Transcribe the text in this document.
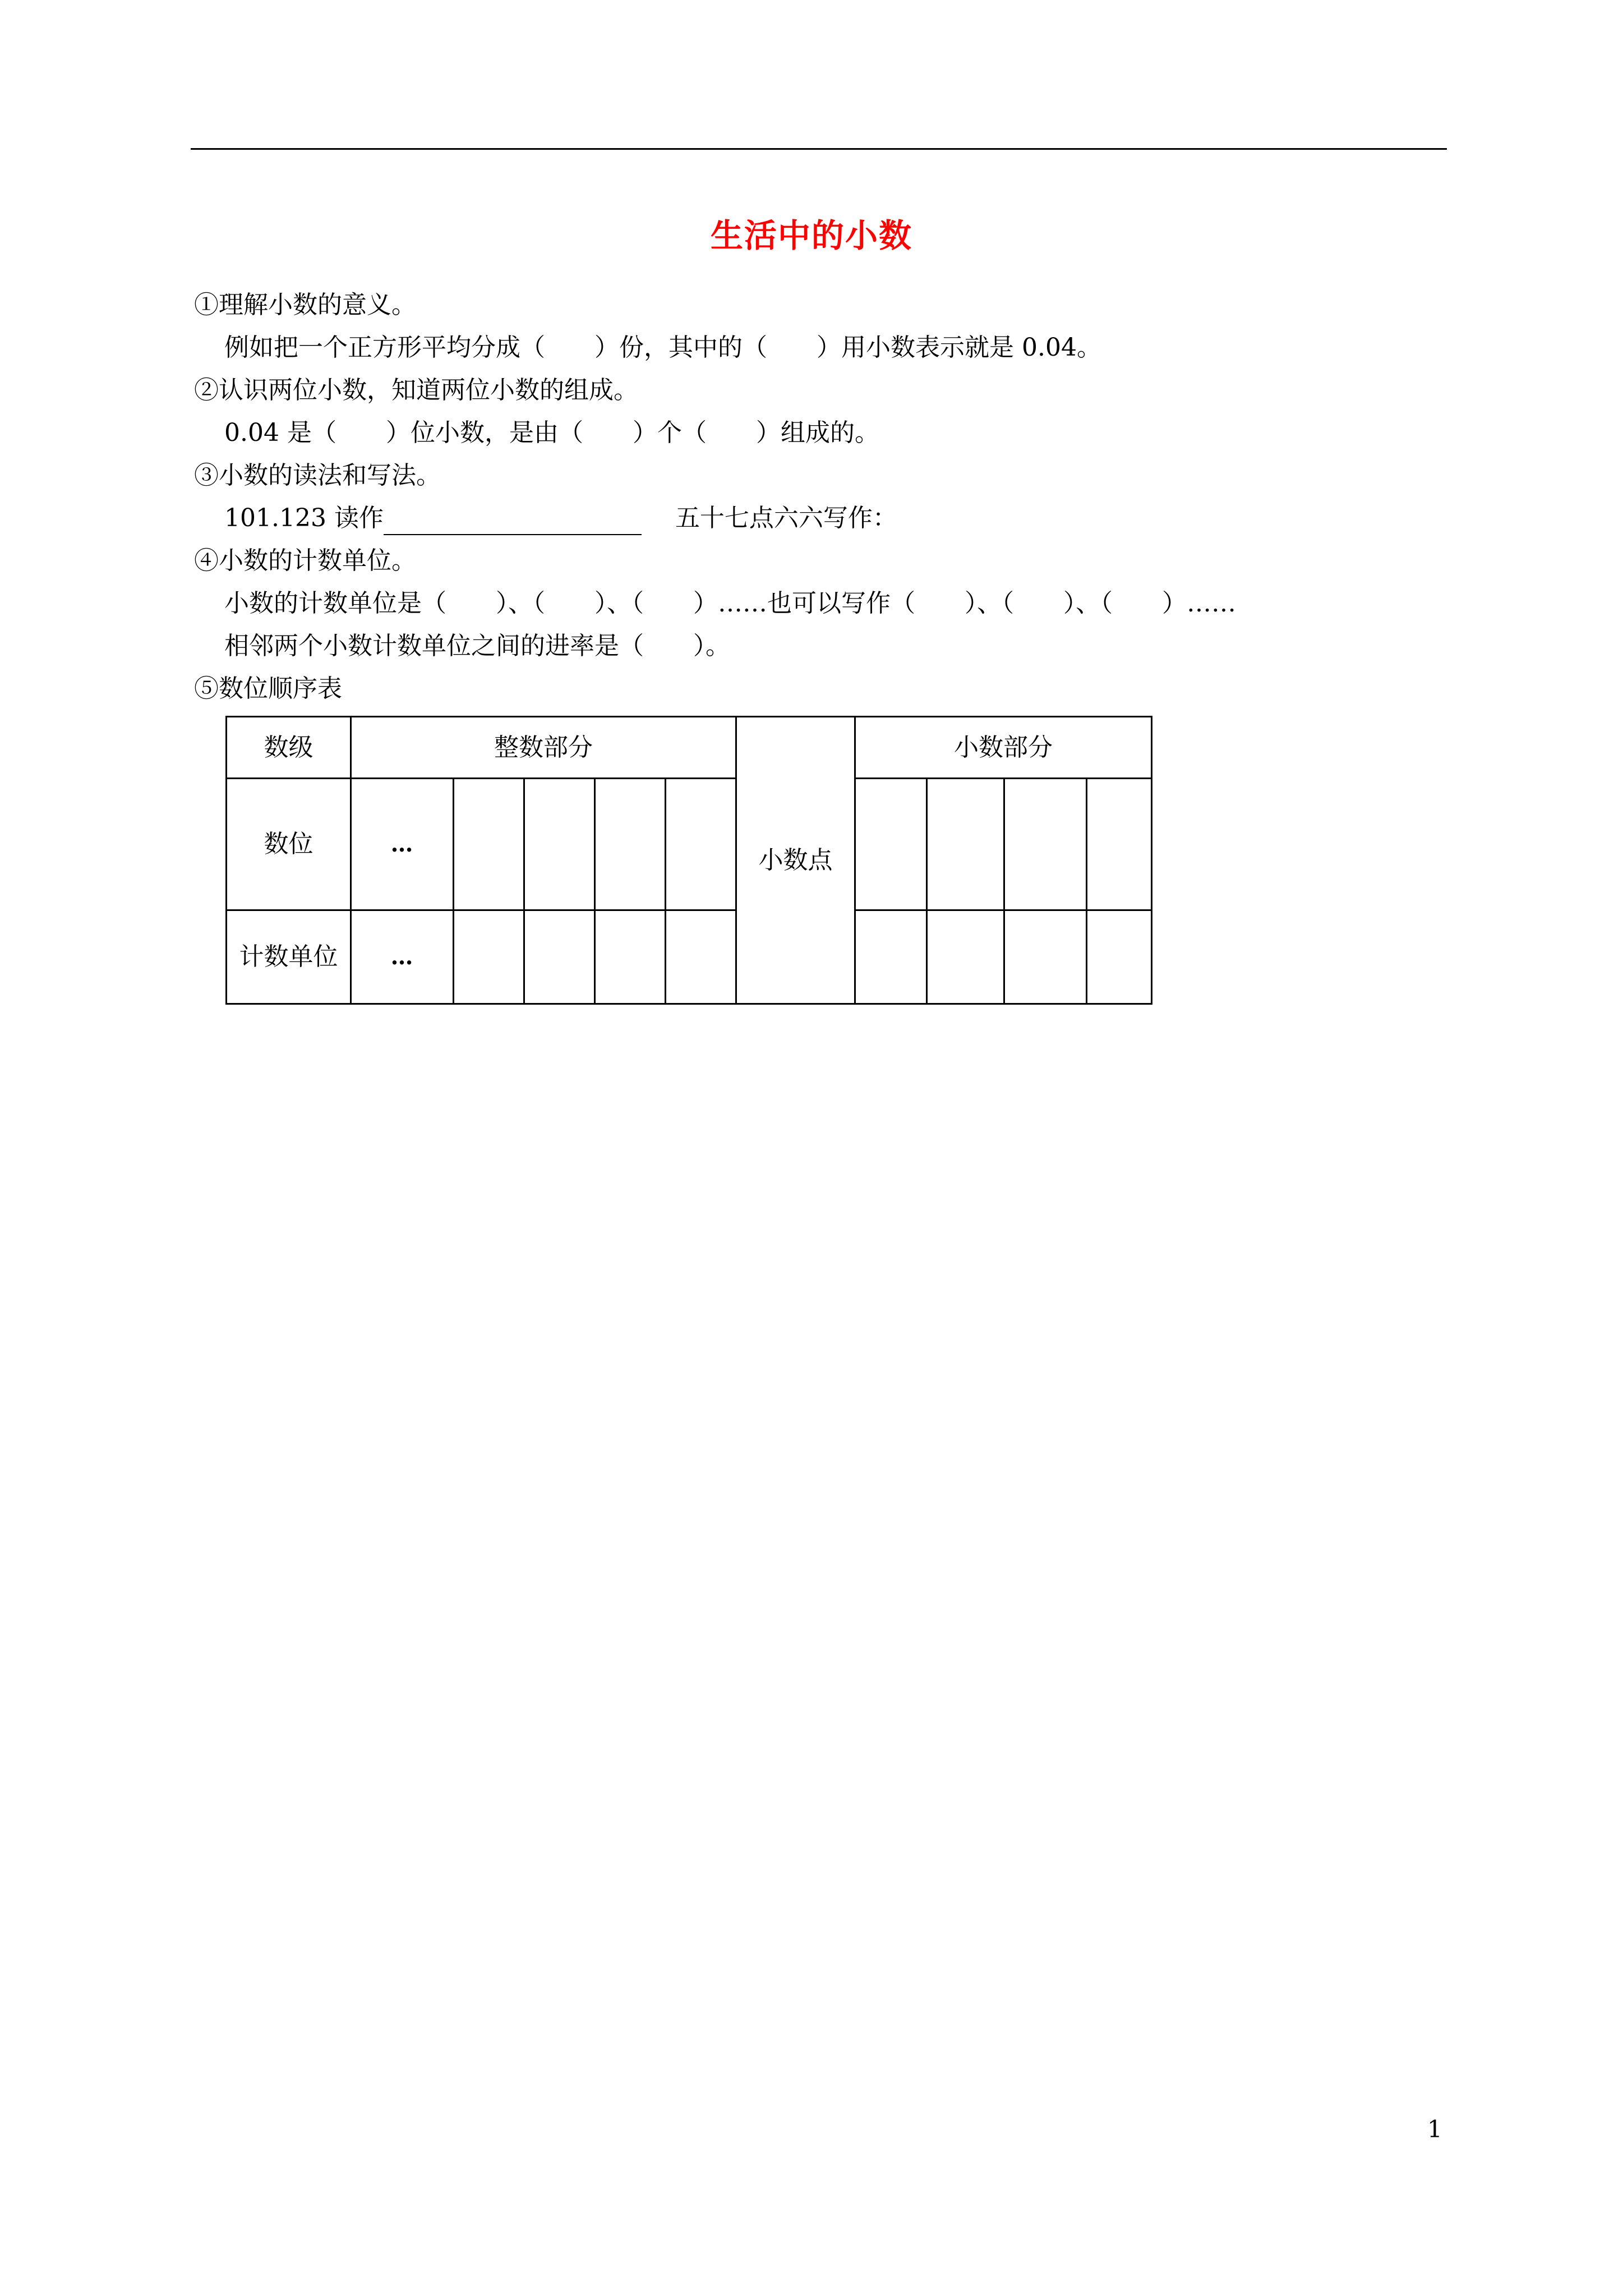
生活中的小数
①理解小数的意义。
例如把一个正方形平均分成（　　）份，其中的（　　）用小数表示就是 0.04。
②认识两位小数，知道两位小数的组成。
0.04 是（　　）位小数，是由（　　）个（　　）组成的。
③小数的读法和写法。
101.123 读作	五十七点六六写作：
④小数的计数单位。
小数的计数单位是（　　）、（　　）、（　　）……也可以写作（　　）、（　　）、（　　）……
相邻两个小数计数单位之间的进率是（　　）。
⑤数位顺序表
数级	整数部分					小数点	小数部分			
数位	…									
计数单位	…									
1
